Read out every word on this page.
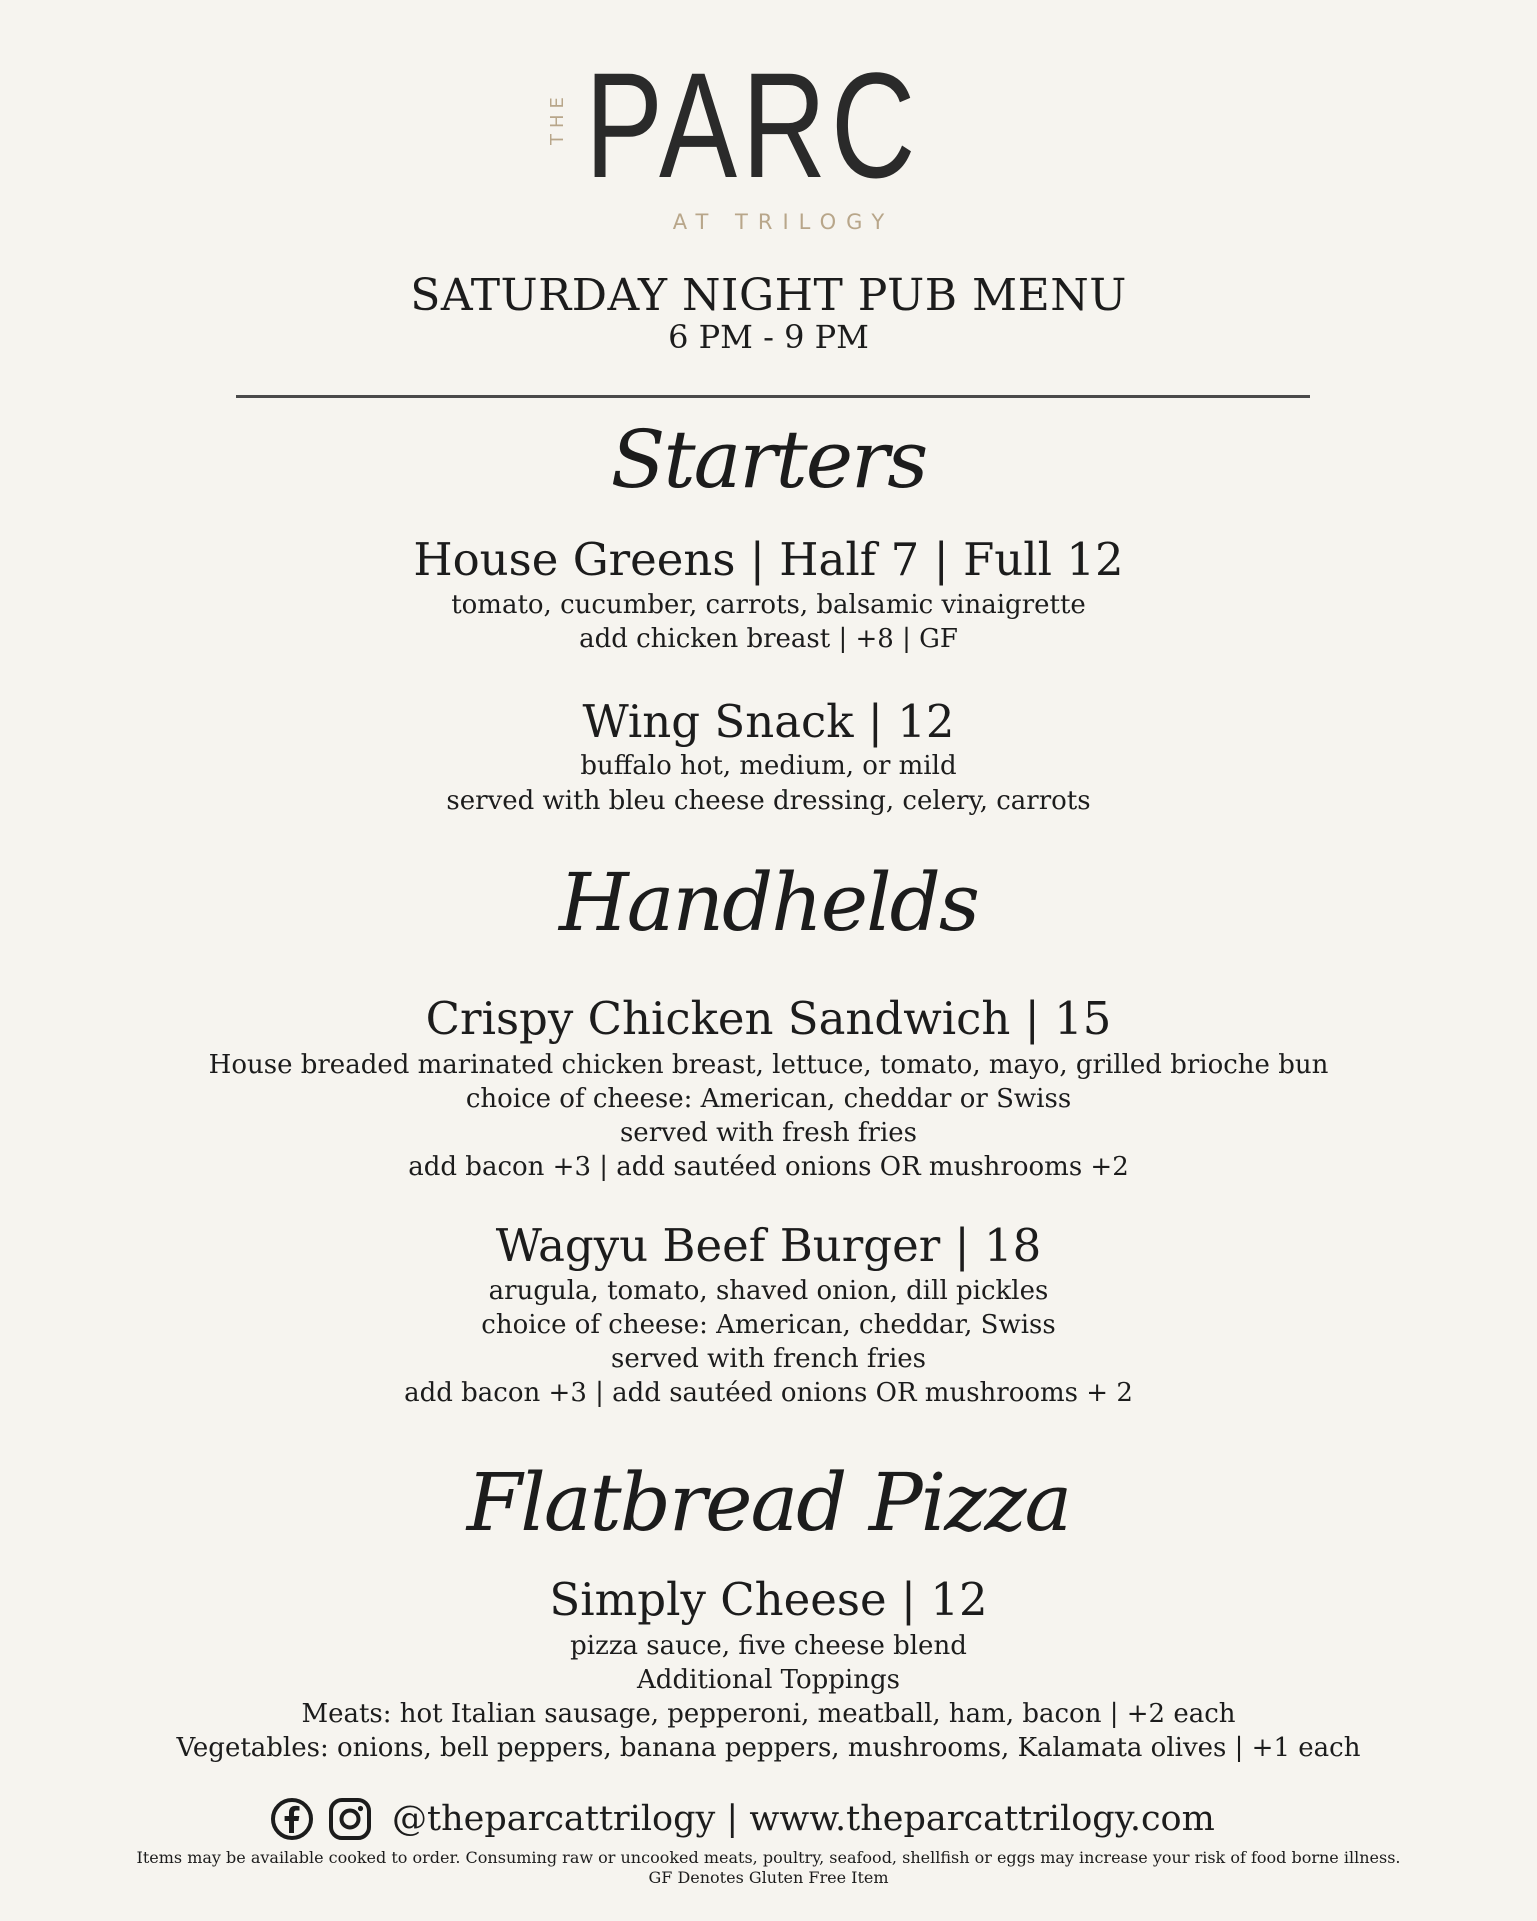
THE PARC
AT TRILOGY
SATURDAY NIGHT PUB MENU
6 PM - 9 PM
Starters
House Greens | Half 7 | Full 12
tomato, cucumber, carrots, balsamic vinaigrette
add chicken breast | +8 | GF
Wing Snack | 12
buffalo hot, medium, or mild
served with bleu cheese dressing, celery, carrots
Handhelds
Crispy Chicken Sandwich | 15
House breaded marinated chicken breast, lettuce, tomato, mayo, grilled brioche bun
choice of cheese: American, cheddar or Swiss
served with fresh fries
add bacon +3 | add sautéed onions OR mushrooms +2
Wagyu Beef Burger | 18
arugula, tomato, shaved onion, dill pickles
choice of cheese: American, cheddar, Swiss
served with french fries
add bacon +3 | add sautéed onions OR mushrooms + 2
Flatbread Pizza
Simply Cheese | 12
pizza sauce, five cheese blend
Additional Toppings
Meats: hot Italian sausage, pepperoni, meatball, ham, bacon | +2 each
Vegetables: onions, bell peppers, banana peppers, mushrooms, Kalamata olives | +1 each
@theparcattrilogy | www.theparcattrilogy.com
Items may be available cooked to order. Consuming raw or uncooked meats, poultry, seafood, shellfish or eggs may increase your risk of food borne illness.
GF Denotes Gluten Free Item
